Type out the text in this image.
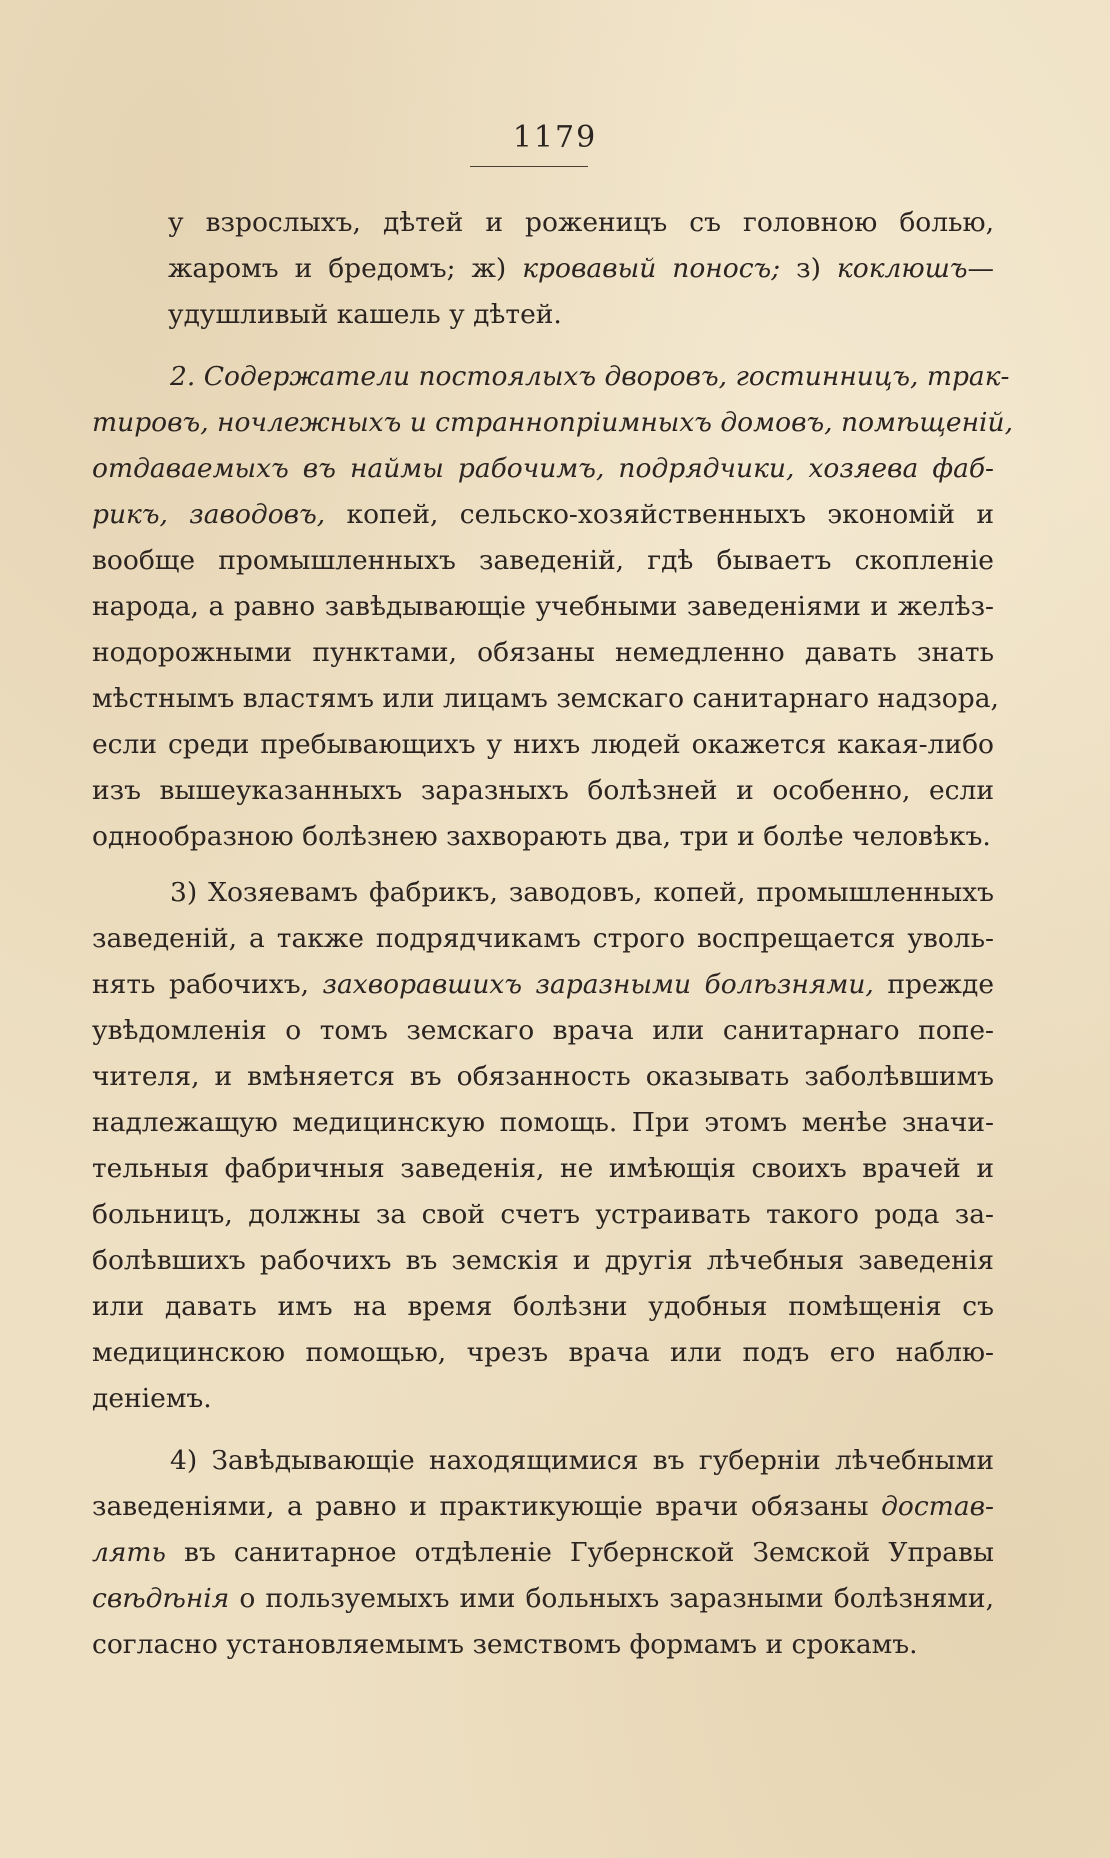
1179
у взрослыхъ, дѣтей и роженицъ съ головною болью,
жаромъ и бредомъ; ж) кровавый поносъ; з) коклюшъ—
удушливый кашель у дѣтей.
2. Содержатели постоялыхъ дворовъ, гостинницъ, трак-
тировъ, ночлежныхъ и страннопріимныхъ домовъ, помѣщеній,
отдаваемыхъ въ наймы рабочимъ, подрядчики, хозяева фаб-
рикъ, заводовъ, копей, сельско-хозяйственныхъ экономій и
вообще промышленныхъ заведеній, гдѣ бываетъ скопленіе
народа, а равно завѣдывающіе учебными заведеніями и желѣз-
нодорожными пунктами, обязаны немедленно давать знать
мѣстнымъ властямъ или лицамъ земскаго санитарнаго надзора,
если среди пребывающихъ у нихъ людей окажется какая-либо
изъ вышеуказанныхъ заразныхъ болѣзней и особенно, если
однообразною болѣзнею захворають два, три и болѣе человѣкъ.
3) Хозяевамъ фабрикъ, заводовъ, копей, промышленныхъ
заведеній, а также подрядчикамъ строго воспрещается уволь-
нять рабочихъ, захворавшихъ заразными болѣзнями, прежде
увѣдомленія о томъ земскаго врача или санитарнаго попе-
чителя, и вмѣняется въ обязанность оказывать заболѣвшимъ
надлежащую медицинскую помощь. При этомъ менѣе значи-
тельныя фабричныя заведенія, не имѣющія своихъ врачей и
больницъ, должны за свой счетъ устраивать такого рода за-
болѣвшихъ рабочихъ въ земскія и другія лѣчебныя заведенія
или давать имъ на время болѣзни удобныя помѣщенія съ
медицинскою помощью, чрезъ врача или подъ его наблю-
деніемъ.
4) Завѣдывающіе находящимися въ губерніи лѣчебными
заведеніями, а равно и практикующіе врачи обязаны достав-
лять въ санитарное отдѣленіе Губернской Земской Управы
свѣдѣнія о пользуемыхъ ими больныхъ заразными болѣзнями,
согласно установляемымъ земствомъ формамъ и срокамъ.
